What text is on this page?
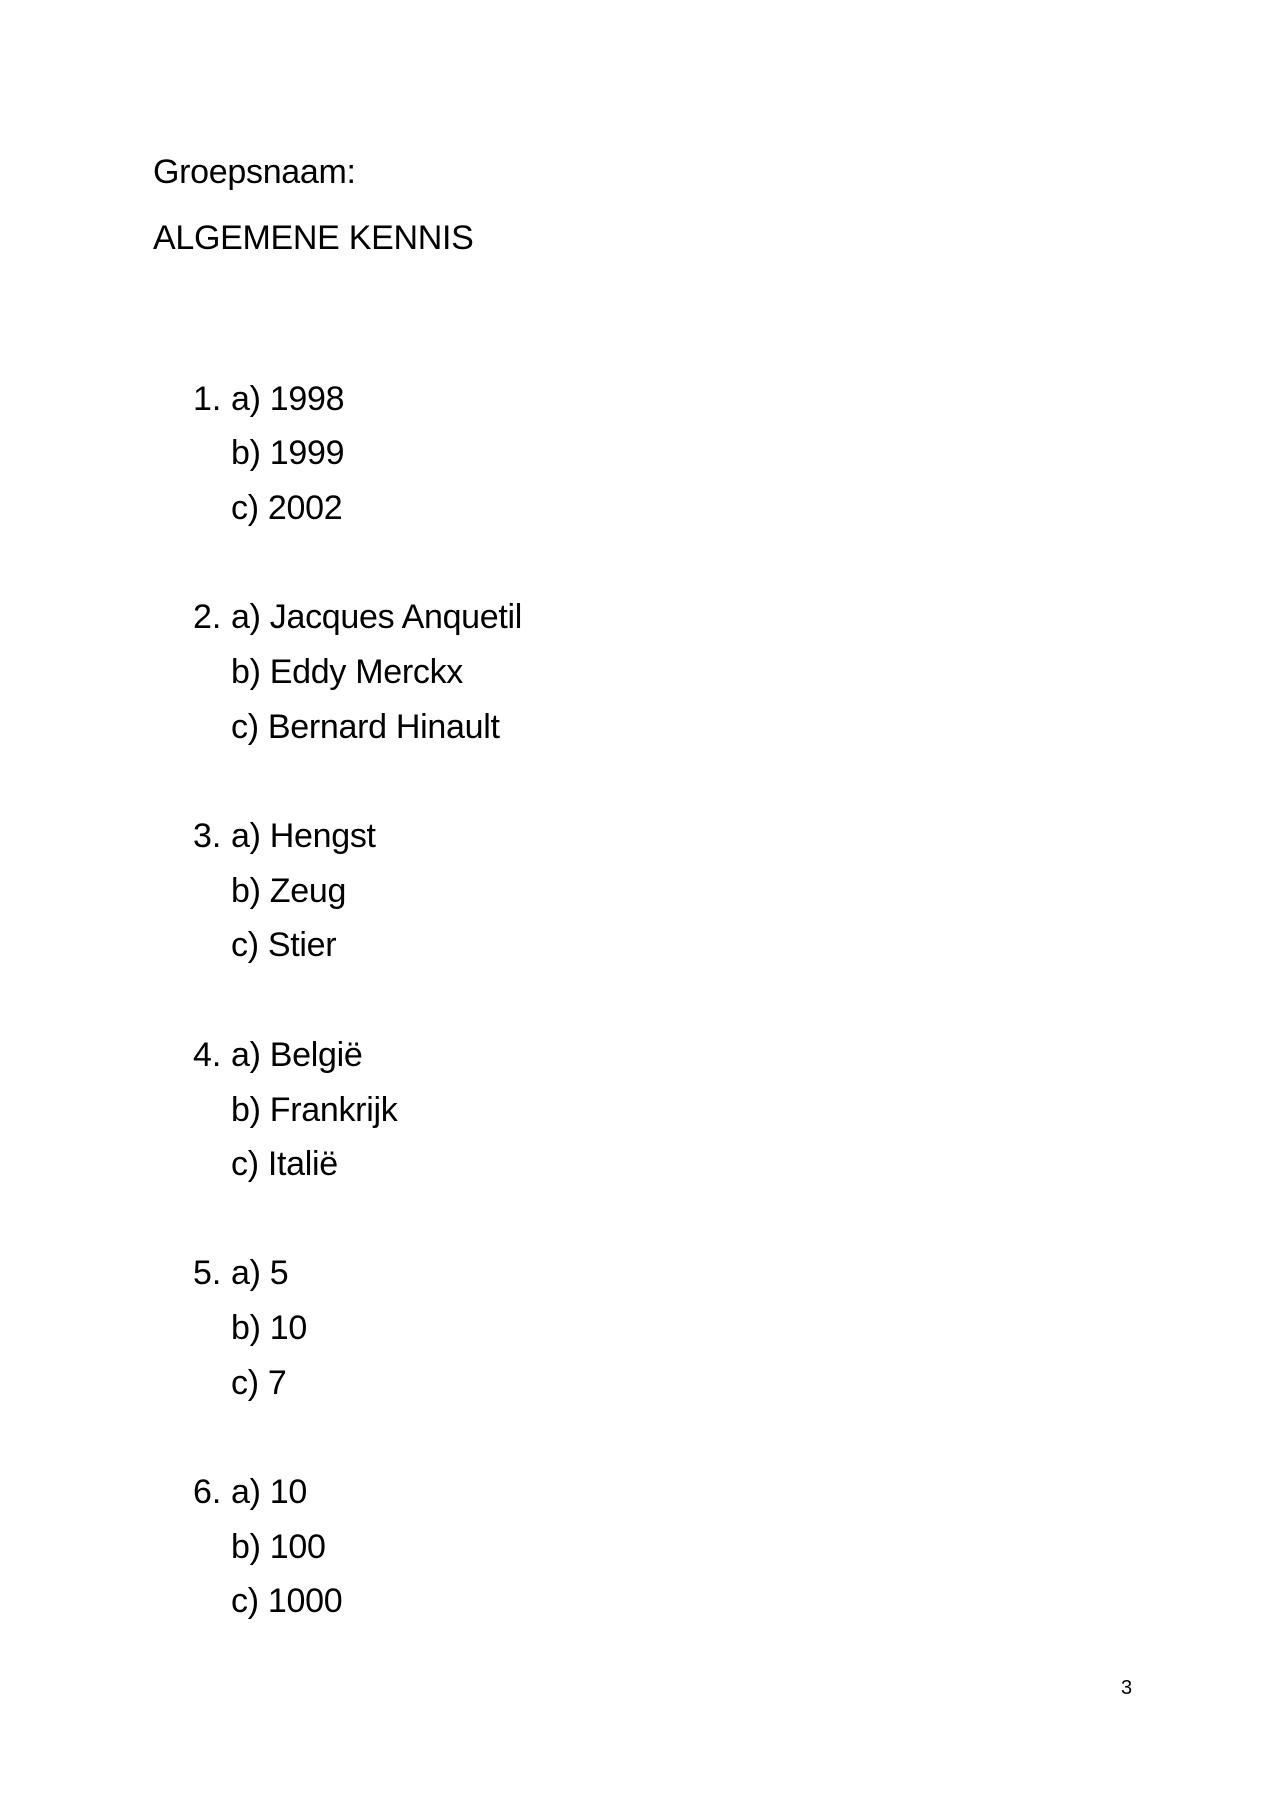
Groepsnaam:
ALGEMENE KENNIS
1. a) 1998
b) 1999
c) 2002
2. a) Jacques Anquetil
b) Eddy Merckx
c) Bernard Hinault
3. a) Hengst
b) Zeug
c) Stier
4. a) België
b) Frankrijk
c) Italië
5. a) 5
b) 10
c) 7
6. a) 10
b) 100
c) 1000
3
